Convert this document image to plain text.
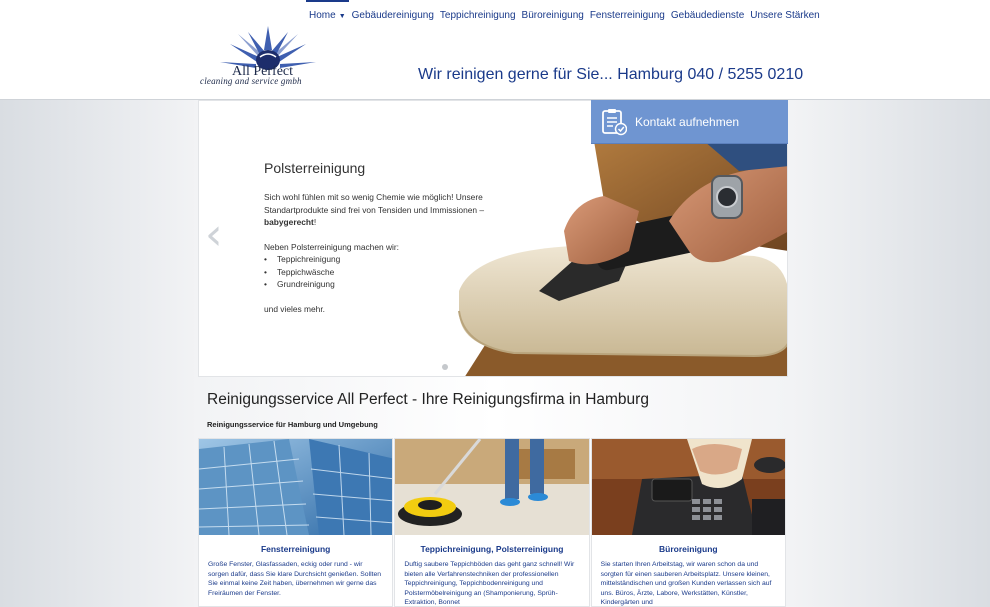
Home ▼ Gebäudereinigung Teppichreinigung Büroreinigung Fensterreinigung Gebäudedienste Unsere Stärken
All Perfect
cleaning and service gmbh	Wir reinigen gerne für Sie... Hamburg 040 / 5255 0210
‹
Polsterreinigung

Sich wohl fühlen mit so wenig Chemie wie möglich! Unsere Standartprodukte sind frei von Tensiden und Immissionen – babygerecht!

Neben Polsterreinigung machen wir:
• Teppichreinigung
• Teppichwäsche
• Grundreinigung
und vieles mehr.
Kontakt aufnehmen
Reinigungsservice All Perfect - Ihre Reinigungsfirma in Hamburg
Reinigungsservice für Hamburg und Umgebung
Fensterreinigung
Große Fenster, Glasfassaden, eckig oder rund - wir sorgen dafür, dass Sie klare Durchsicht genießen. Sollten Sie einmal keine Zeit haben, übernehmen wir gerne das Freiräumen der Fenster.
Teppichreinigung, Polsterreinigung
Duftig saubere Teppichböden das geht ganz schnell! Wir bieten alle Verfahrenstechniken der professionellen Teppichreinigung, Teppichbodenreinigung und Polstermöbelreinigung an (Shamponierung, Sprüh-Extraktion, Bonnet
Büroreinigung
Sie starten Ihren Arbeitstag, wir waren schon da und sorgten für einen sauberen Arbeitsplatz. Unsere kleinen, mittelständischen und großen Kunden verlassen sich auf uns. Büros, Ärzte, Labore, Werkstätten, Künstler, Kindergärten und
